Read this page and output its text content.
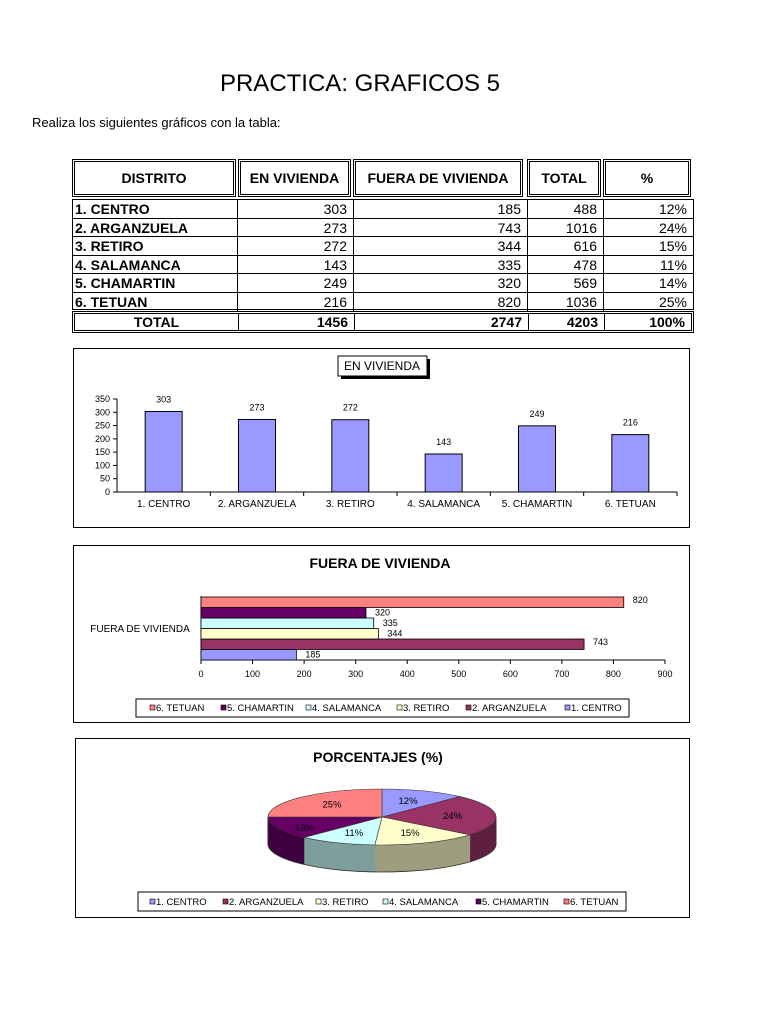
PRACTICA: GRAFICOS 5
Realiza los siguientes gráficos con la tabla:
DISTRITO	EN VIVIENDA	FUERA DE VIVIENDA	TOTAL	%
1. CENTRO	303	185	488	12%
2. ARGANZUELA	273	743	1016	24%
3. RETIRO	272	344	616	15%
4. SALAMANCA	143	335	478	11%
5. CHAMARTIN	249	320	569	14%
6. TETUAN	216	820	1036	25%
TOTAL	1456	2747	4203	100%
EN VIVIENDA
0
50
100
150
200
250
300
350	303
1. CENTRO
273
2. ARGANZUELA
272
3. RETIRO
143
4. SALAMANCA
249
5. CHAMARTIN
216
6. TETUAN
FUERA DE VIVIENDA
0	100	200	300	400	500	600	700	800	900
FUERA DE VIVIENDA
185
743
344
335
320
820
6. TETUAN 5. CHAMARTIN 4. SALAMANCA 3. RETIRO 2. ARGANZUELA	1. CENTRO
PORCENTAJES (%)
12%
24%
15%
11%
13%
25%
1. CENTRO 2. ARGANZUELA 3. RETIRO 4. SALAMANCA	5. CHAMARTIN 6. TETUAN
